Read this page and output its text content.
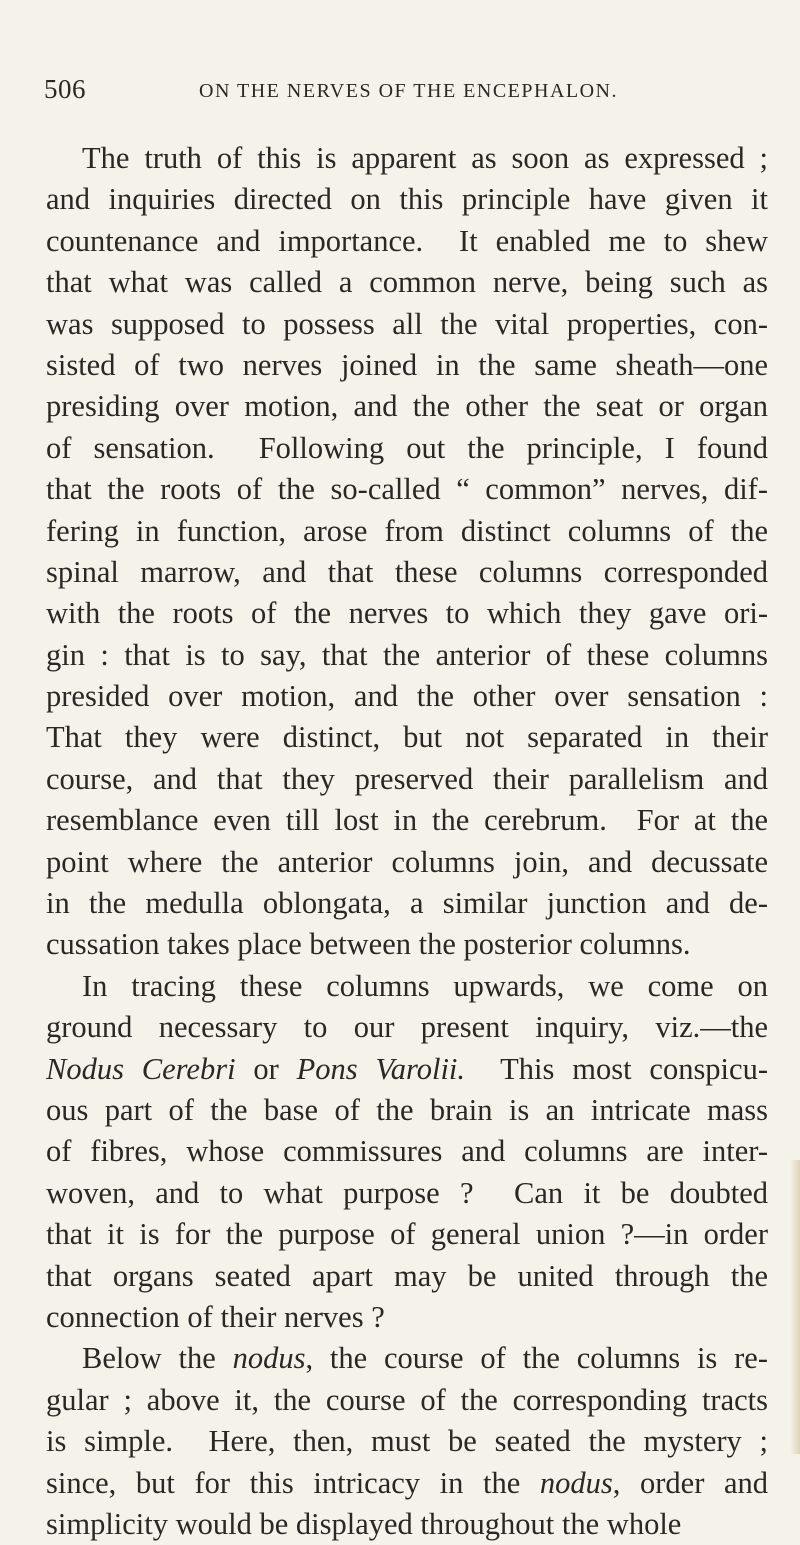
506	ON THE NERVES OF THE ENCEPHALON.
The truth of this is apparent as soon as expressed ;
and inquiries directed on this principle have given it
countenance and importance.  It enabled me to shew
that what was called a common nerve, being such as
was supposed to possess all the vital properties, con-
sisted of two nerves joined in the same sheath—one
presiding over motion, and the other the seat or organ
of sensation.  Following out the principle, I found
that the roots of the so-called “ common” nerves, dif-
fering in function, arose from distinct columns of the
spinal marrow, and that these columns corresponded
with the roots of the nerves to which they gave ori-
gin : that is to say, that the anterior of these columns
presided over motion, and the other over sensation :
That they were distinct, but not separated in their
course, and that they preserved their parallelism and
resemblance even till lost in the cerebrum.  For at the
point where the anterior columns join, and decussate
in the medulla oblongata, a similar junction and de-
cussation takes place between the posterior columns.
In tracing these columns upwards, we come on
ground necessary to our present inquiry, viz.—the
Nodus Cerebri or Pons Varolii.  This most conspicu-
ous part of the base of the brain is an intricate mass
of fibres, whose commissures and columns are inter-
woven, and to what purpose ?  Can it be doubted
that it is for the purpose of general union ?—in order
that organs seated apart may be united through the
connection of their nerves ?
Below the nodus, the course of the columns is re-
gular ; above it, the course of the corresponding tracts
is simple.  Here, then, must be seated the mystery ;
since, but for this intricacy in the nodus, order and
simplicity would be displayed throughout the whole
